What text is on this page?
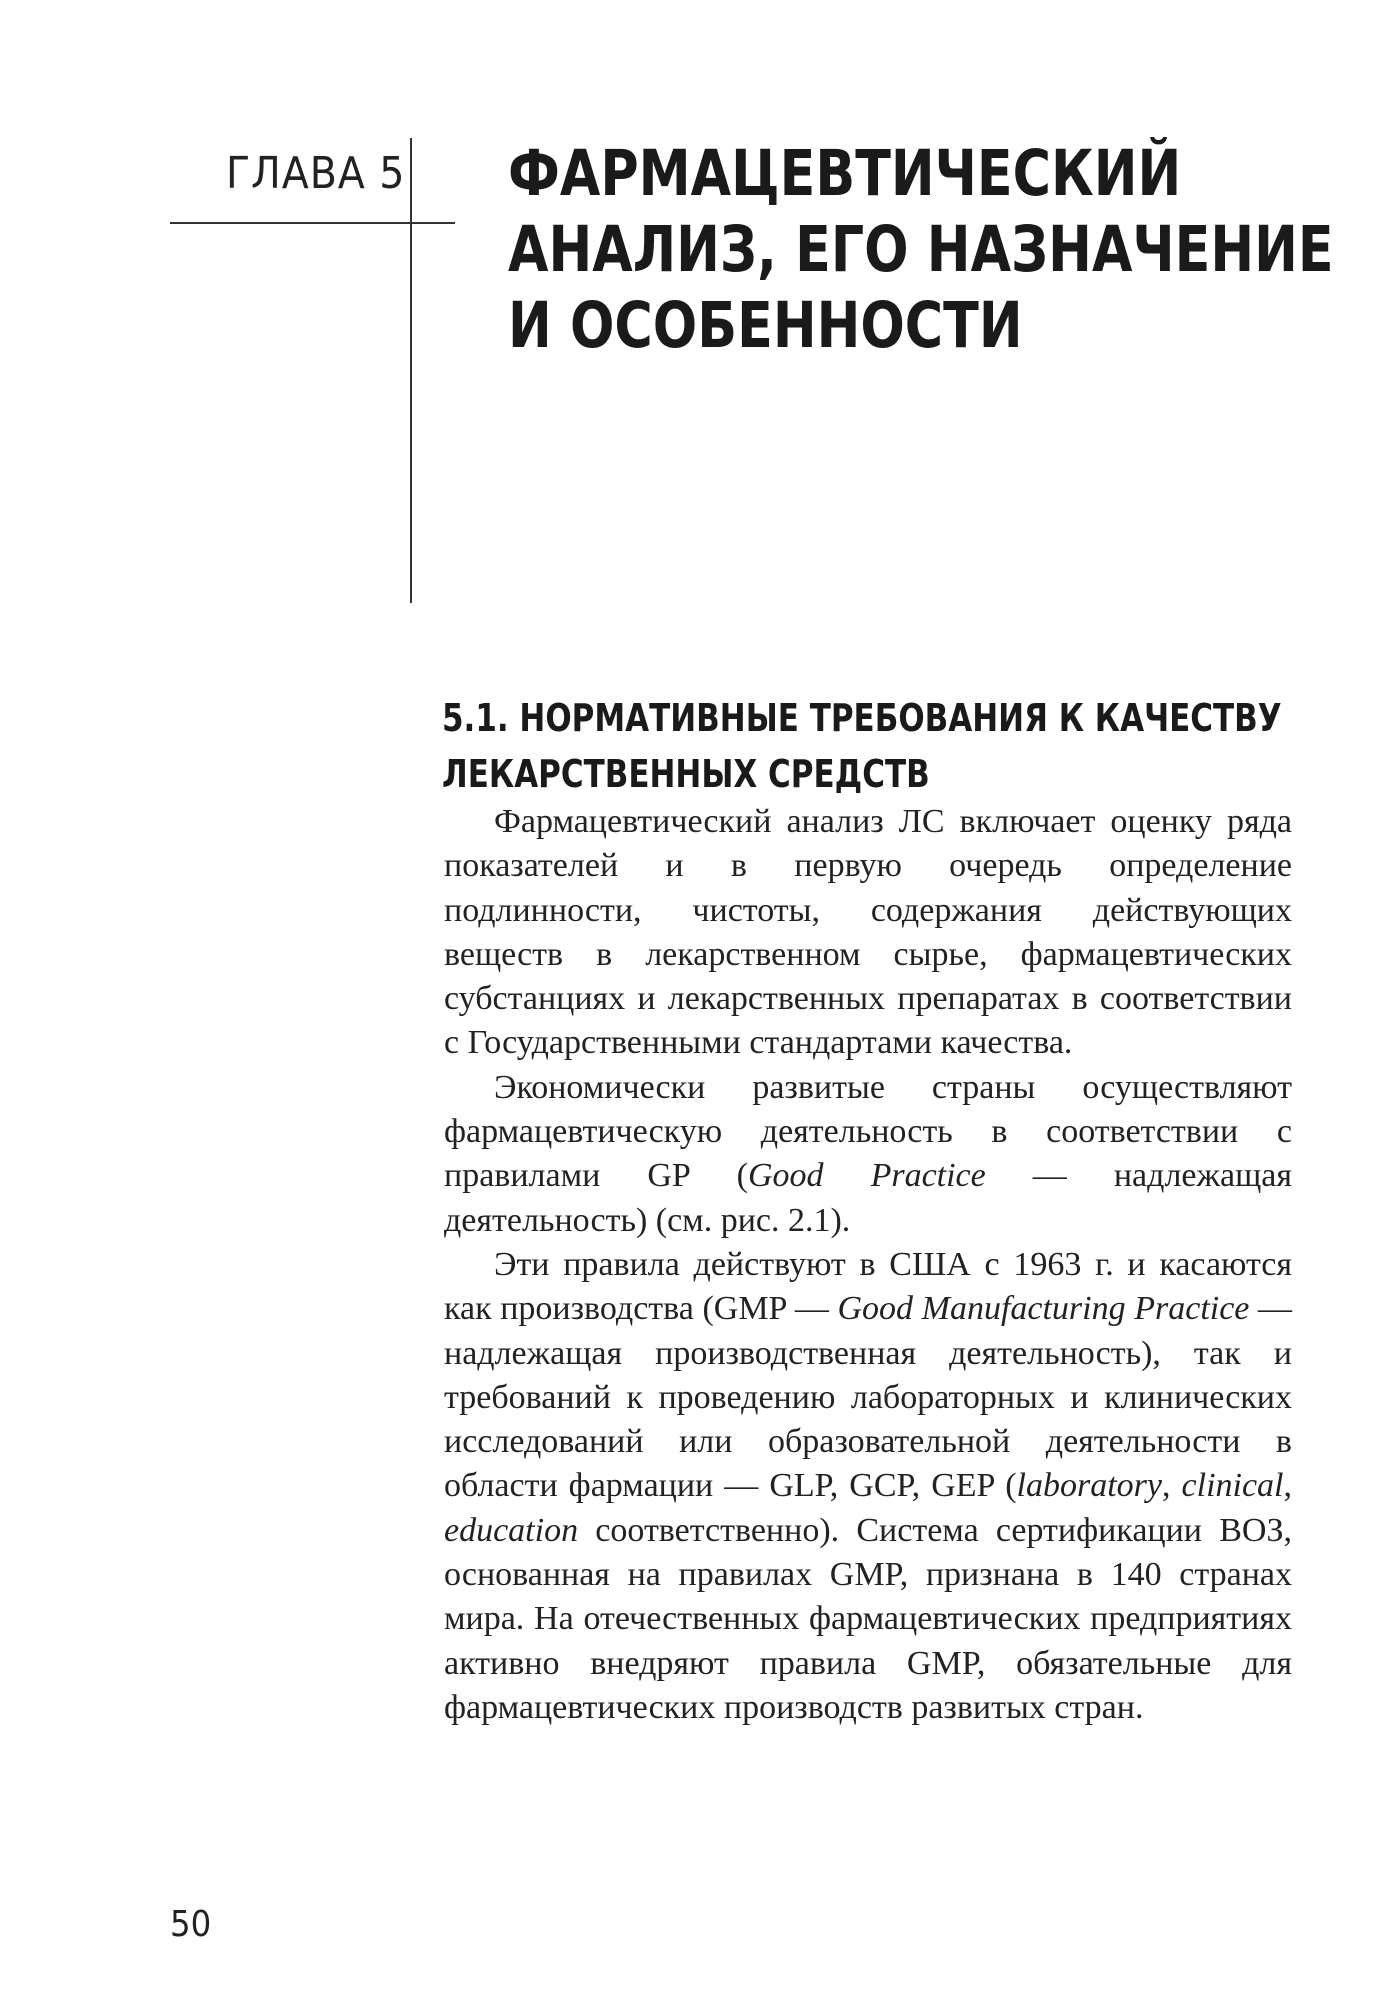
ГЛАВА 5 ФАРМАЦЕВТИЧЕСКИЙ
АНАЛИЗ, ЕГО НАЗНАЧЕНИЕ
И ОСОБЕННОСТИ
5.1. НОРМАТИВНЫЕ ТРЕБОВАНИЯ К КАЧЕСТВУ
ЛЕКАРСТВЕННЫХ СРЕДСТВ

Фармацевтический анализ ЛС включает оценку ряда показателей и в первую очередь определение подлинности, чистоты, содержания действующих веществ в лекарственном сырье, фармацевтических субстанциях и лекарственных препаратах в соответствии с Государственными стандартами качества.

Экономически развитые страны осуществляют фармацевтическую деятельность в соответствии с правилами GP (Good Practice — надлежащая деятельность) (см. рис. 2.1).

Эти правила действуют в США с 1963 г. и касаются как производства (GMP — Good Manufacturing Practice — надлежащая производственная деятельность), так и требований к проведению лабораторных и клинических исследований или образовательной деятельности в области фармации — GLP, GCP, GEP (laboratory, clinical, education соответственно). Система сертификации ВОЗ, основанная на правилах GMP, признана в 140 странах мира. На отечественных фармацевтических предприятиях активно внедряют правила GMP, обязательные для фармацевтических производств развитых стран.

50
